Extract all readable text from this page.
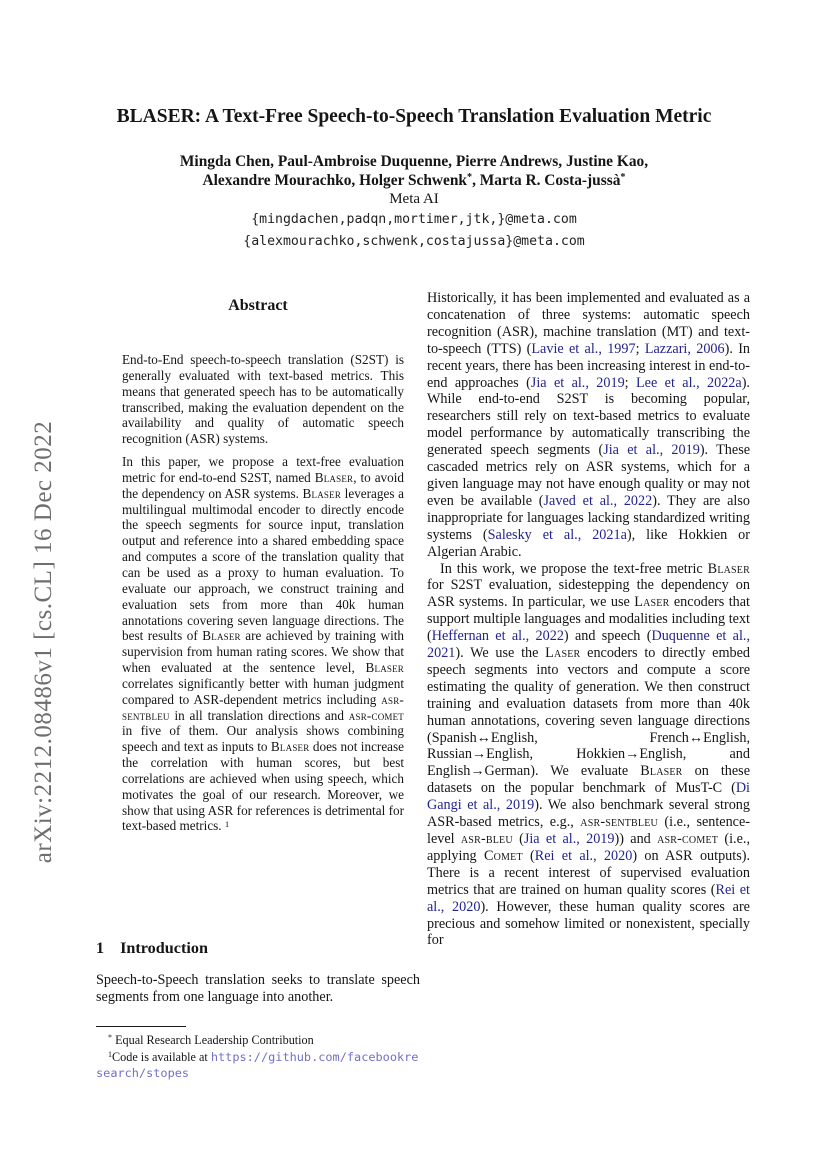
arXiv:2212.08486v1 [cs.CL] 16 Dec 2022
BLASER: A Text-Free Speech-to-Speech Translation Evaluation Metric
Mingda Chen, Paul-Ambroise Duquenne, Pierre Andrews, Justine Kao,
Alexandre Mourachko, Holger Schwenk*, Marta R. Costa-jussà*
Meta AI
{mingdachen,padqn,mortimer,jtk,}@meta.com
{alexmourachko,schwenk,costajussa}@meta.com
Abstract

End-to-End speech-to-speech translation (S2ST) is generally evaluated with text-based metrics. This means that generated speech has to be automatically transcribed, making the evaluation dependent on the availability and quality of automatic speech recognition (ASR) systems.

In this paper, we propose a text-free evaluation metric for end-to-end S2ST, named Blaser, to avoid the dependency on ASR systems. Blaser leverages a multilingual multimodal encoder to directly encode the speech segments for source input, translation output and reference into a shared embedding space and computes a score of the translation quality that can be used as a proxy to human evaluation. To evaluate our approach, we construct training and evaluation sets from more than 40k human annotations covering seven language directions. The best results of Blaser are achieved by training with supervision from human rating scores. We show that when evaluated at the sentence level, Blaser correlates significantly better with human judgment compared to ASR-dependent metrics including asr-sentbleu in all translation directions and asr-comet in five of them. Our analysis shows combining speech and text as inputs to Blaser does not increase the correlation with human scores, but best correlations are achieved when using speech, which motivates the goal of our research. Moreover, we show that using ASR for references is detrimental for text-based metrics. $^1$

1 Introduction

Speech-to-Speech translation seeks to translate speech segments from one language into another.

* Equal Research Leadership Contribution

$^1$Code is available at https://github.com/facebookresearch/stopes

Historically, it has been implemented and evaluated as a concatenation of three systems: automatic speech recognition (ASR), machine translation (MT) and text-to-speech (TTS) (Lavie et al., 1997; Lazzari, 2006). In recent years, there has been increasing interest in end-to-end approaches (Jia et al., 2019; Lee et al., 2022a). While end-to-end S2ST is becoming popular, researchers still rely on text-based metrics to evaluate model performance by automatically transcribing the generated speech segments (Jia et al., 2019). These cascaded metrics rely on ASR systems, which for a given language may not have enough quality or may not even be available (Javed et al., 2022). They are also inappropriate for languages lacking standardized writing systems (Salesky et al., 2021a), like Hokkien or Algerian Arabic.

In this work, we propose the text-free metric Blaser for S2ST evaluation, sidestepping the dependency on ASR systems. In particular, we use Laser encoders that support multiple languages and modalities including text (Heffernan et al., 2022) and speech (Duquenne et al., 2021). We use the Laser encoders to directly embed speech segments into vectors and compute a score estimating the quality of generation. We then construct training and evaluation datasets from more than 40k human annotations, covering seven language directions (Spanish↔English, French↔English, Russian→English, Hokkien→English, and English→German). We evaluate Blaser on these datasets on the popular benchmark of MusT-C (Di Gangi et al., 2019). We also benchmark several strong ASR-based metrics, e.g., asr-sentbleu (i.e., sentence-level asr-bleu (Jia et al., 2019)) and asr-comet (i.e., applying Comet (Rei et al., 2020) on ASR outputs). There is a recent interest of supervised evaluation metrics that are trained on human quality scores (Rei et al., 2020). However, these human quality scores are precious and somehow limited or nonexistent, specially for
